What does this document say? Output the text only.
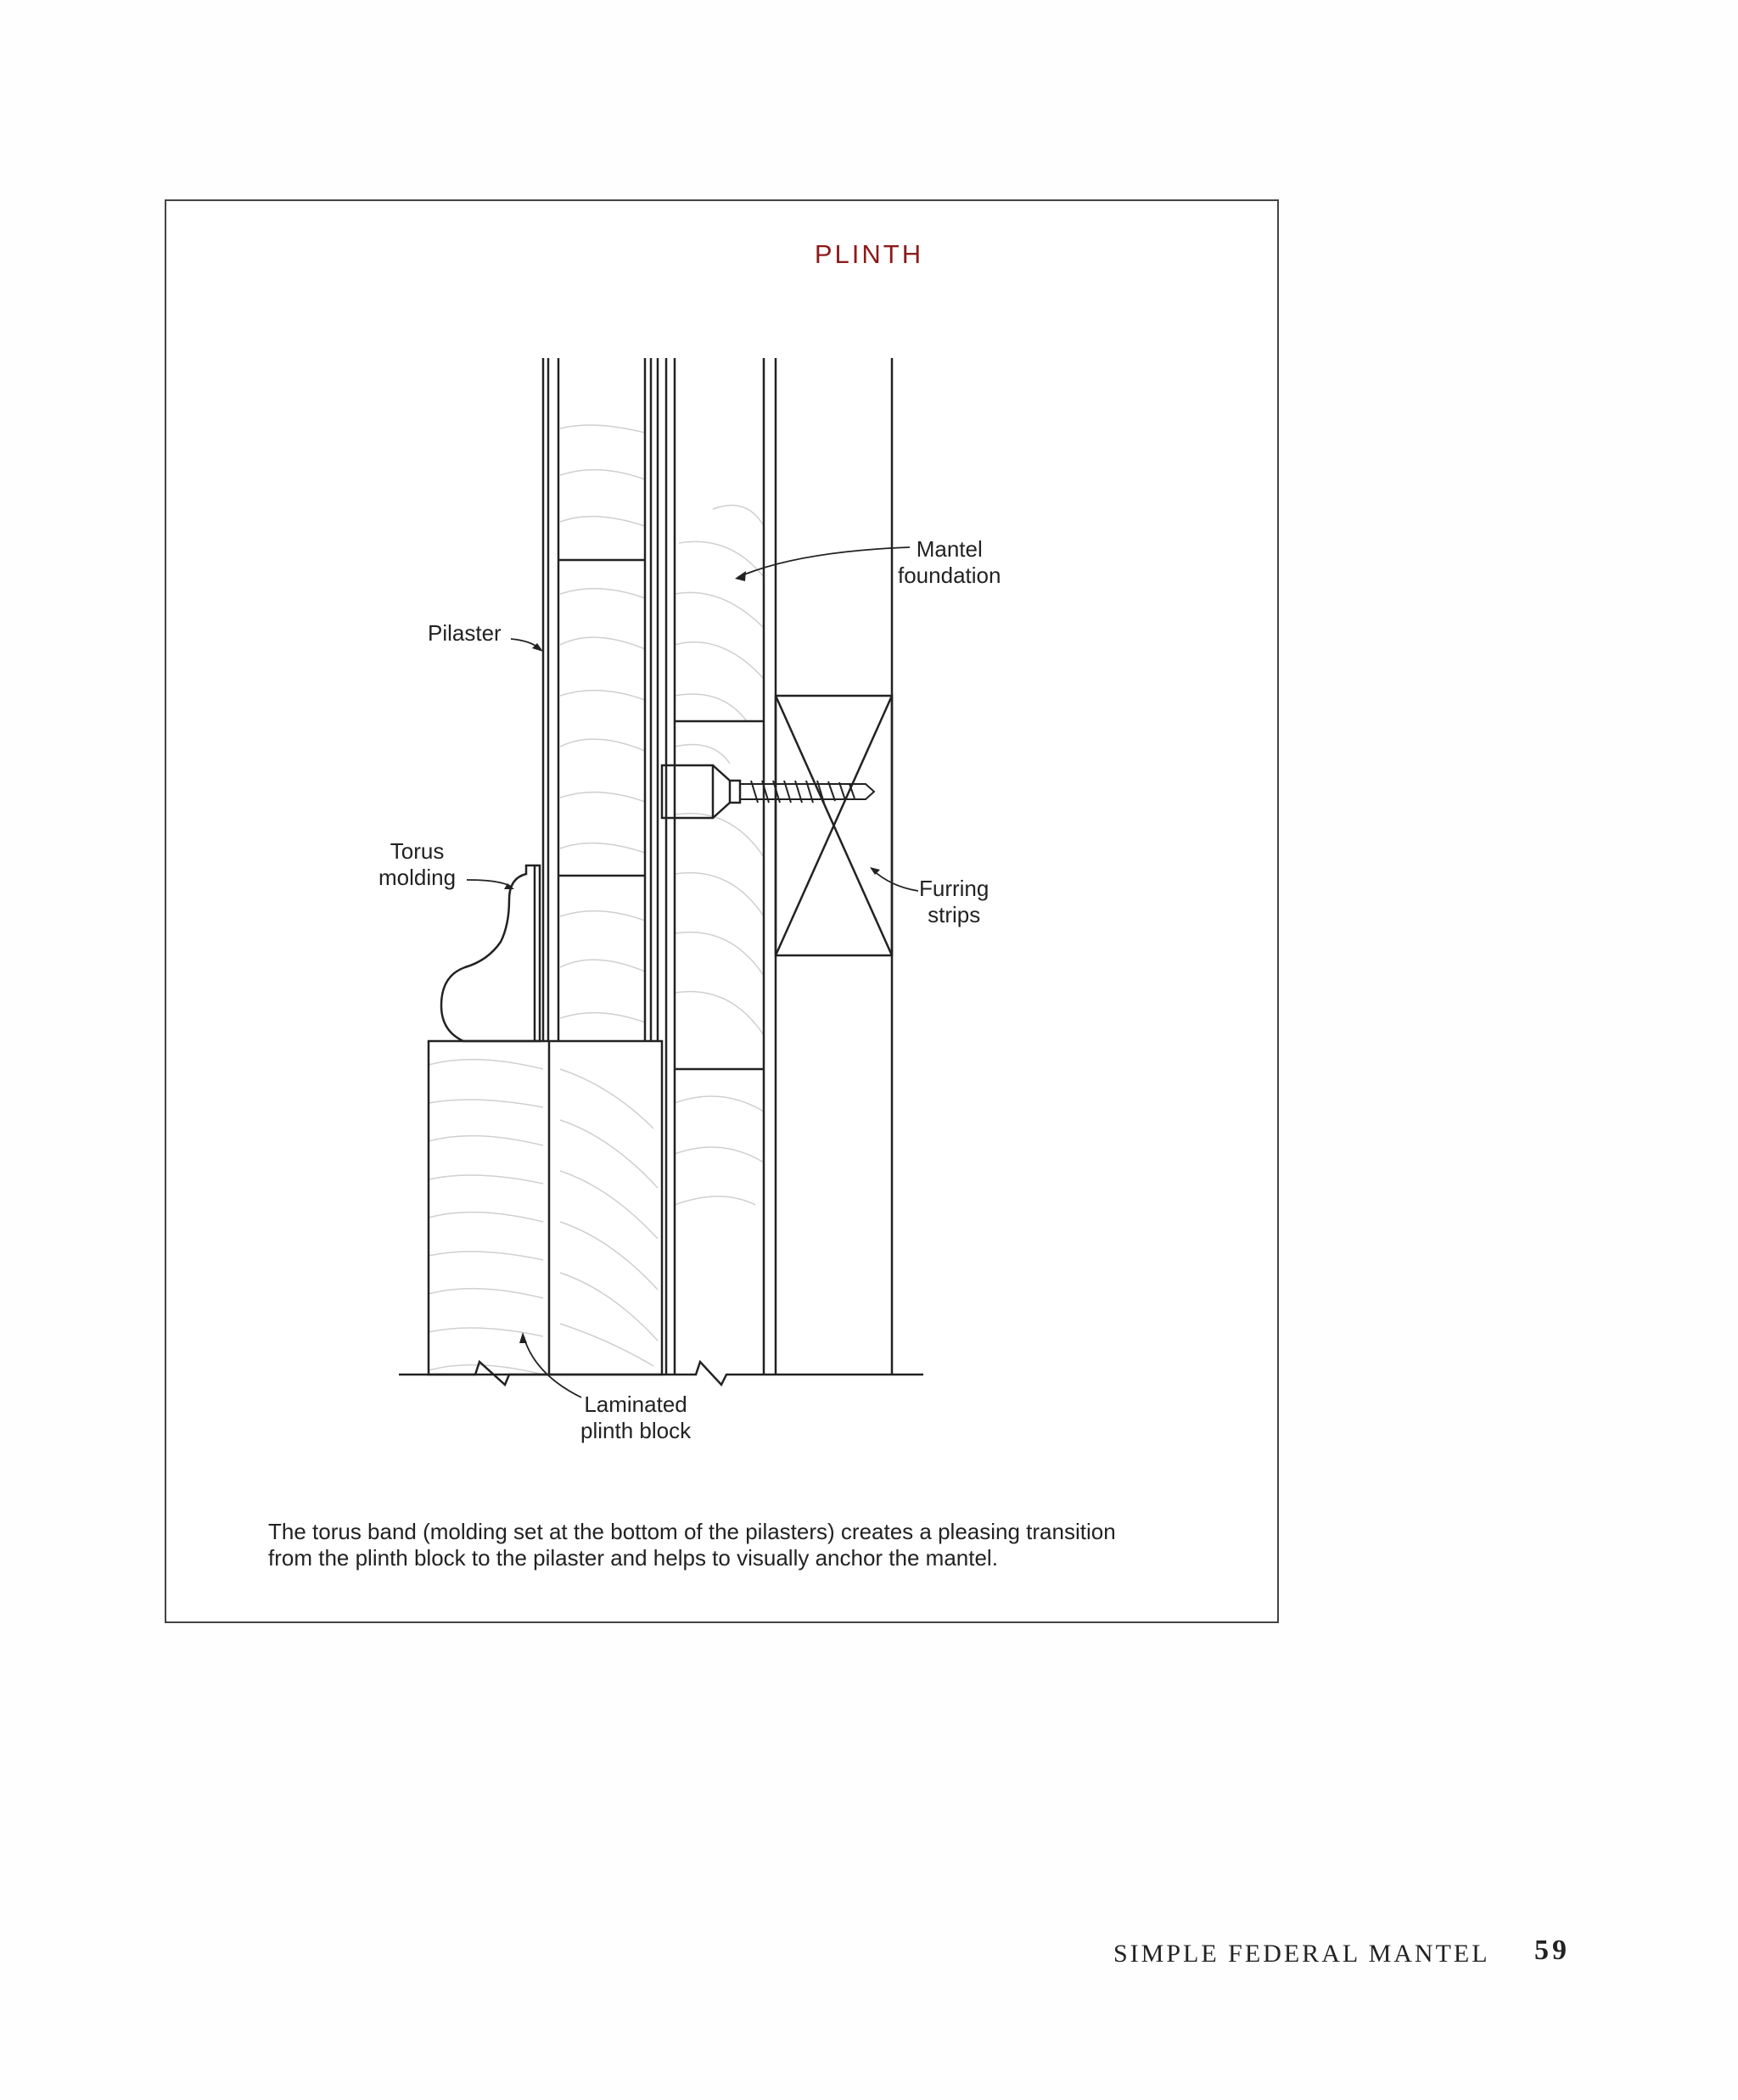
PLINTH
Mantel
foundation
Pilaster
Torus
molding	Furring
strips
Laminated
plinth block
The torus band (molding set at the bottom of the pilasters) creates a pleasing transition
from the plinth block to the pilaster and helps to visually anchor the mantel.
SIMPLE FEDERAL MANTEL 59
